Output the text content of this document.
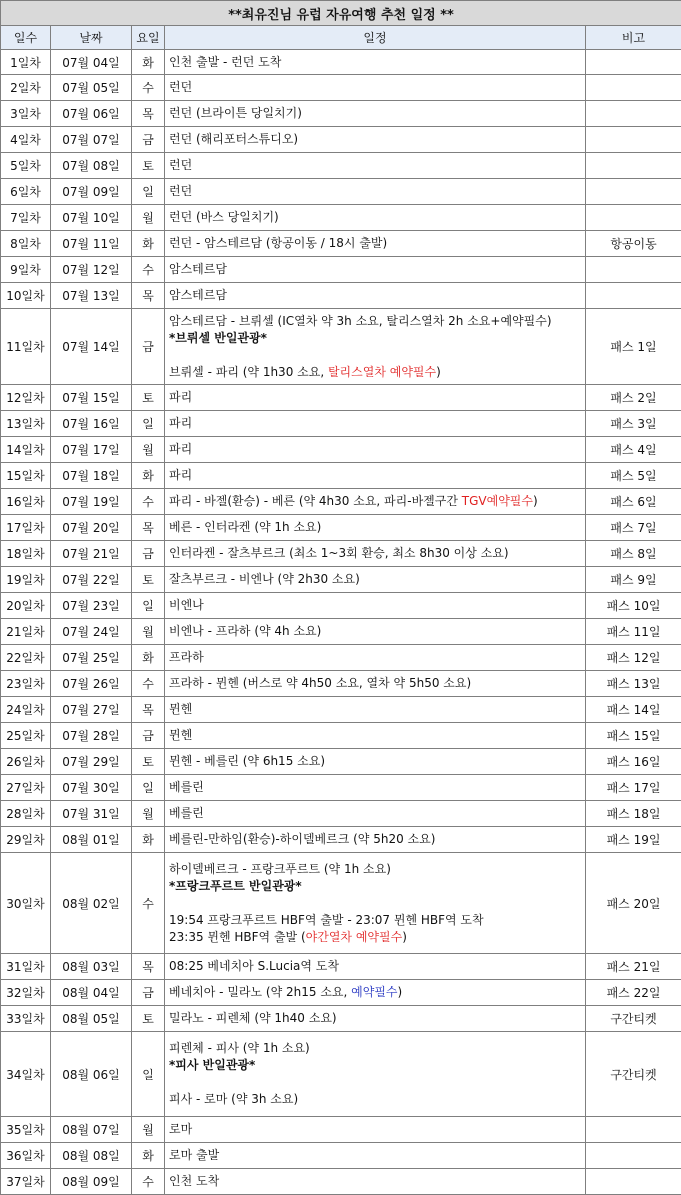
**최유진님 유럽 자유여행 추천 일정 **				
일수	날짜	요일	일정	비고
1일차	07월 04일	화	인천 출발 - 런던 도착	

2일차	07월 05일	수	런던	

3일차	07월 06일	목	런던 (브라이튼 당일치기)	

4일차	07월 07일	금	런던 (해리포터스튜디오)	

5일차	07월 08일	토	런던	

6일차	07월 09일	일	런던	

7일차	07월 10일	월	런던 (바스 당일치기)	

8일차	07월 11일	화	런던 - 암스테르담 (항공이동 / 18시 출발)	항공이동
9일차	07월 12일	수	암스테르담	

10일차	07월 13일	목	암스테르담	

11일차	07월 14일	금	암스테르담 - 브뤼셀 (IC열차 약 3h 소요, 탈리스열차 2h 소요+예약필수)
*브뤼셀 반일관광*
브뤼셀 - 파리 (약 1h30 소요, 탈리스열차 예약필수)	패스 1일
12일차	07월 15일	토	파리	패스 2일
13일차	07월 16일	일	파리	패스 3일
14일차	07월 17일	월	파리	패스 4일
15일차	07월 18일	화	파리	패스 5일
16일차	07월 19일	수	파리 - 바젤(환승) - 베른 (약 4h30 소요, 파리-바젤구간 TGV예약필수)	패스 6일
17일차	07월 20일	목	베른 - 인터라켄 (약 1h 소요)	패스 7일
18일차	07월 21일	금	인터라켄 - 잘츠부르크 (최소 1~3회 환승, 최소 8h30 이상 소요)	패스 8일
19일차	07월 22일	토	잘츠부르크 - 비엔나 (약 2h30 소요)	패스 9일
20일차	07월 23일	일	비엔나	패스 10일
21일차	07월 24일	월	비엔나 - 프라하 (약 4h 소요)	패스 11일
22일차	07월 25일	화	프라하	패스 12일
23일차	07월 26일	수	프라하 - 뮌헨 (버스로 약 4h50 소요, 열차 약 5h50 소요)	패스 13일
24일차	07월 27일	목	뮌헨	패스 14일
25일차	07월 28일	금	뮌헨	패스 15일
26일차	07월 29일	토	뮌헨 - 베를린 (약 6h15 소요)	패스 16일
27일차	07월 30일	일	베를린	패스 17일
28일차	07월 31일	월	베를린	패스 18일
29일차	08월 01일	화	베를린-만하임(환승)-하이델베르크 (약 5h20 소요)	패스 19일
30일차	08월 02일	수	하이델베르크 - 프랑크푸르트 (약 1h 소요)
*프랑크푸르트 반일관광*
19:54 프랑크푸르트 HBF역 출발 - 23:07 뮌헨 HBF역 도착
23:35 뮌헨 HBF역 출발 (야간열차 예약필수)	패스 20일
31일차	08월 03일	목	08:25 베네치아 S.Lucia역 도착	패스 21일
32일차	08월 04일	금	베네치아 - 밀라노 (약 2h15 소요, 예약필수)	패스 22일
33일차	08월 05일	토	밀라노 - 피렌체 (약 1h40 소요)	구간티켓
34일차	08월 06일	일	피렌체 - 피사 (약 1h 소요)
*피사 반일관광*
피사 - 로마 (약 3h 소요)	구간티켓
35일차	08월 07일	월	로마	

36일차	08월 08일	화	로마 출발	

37일차	08월 09일	수	인천 도착	
